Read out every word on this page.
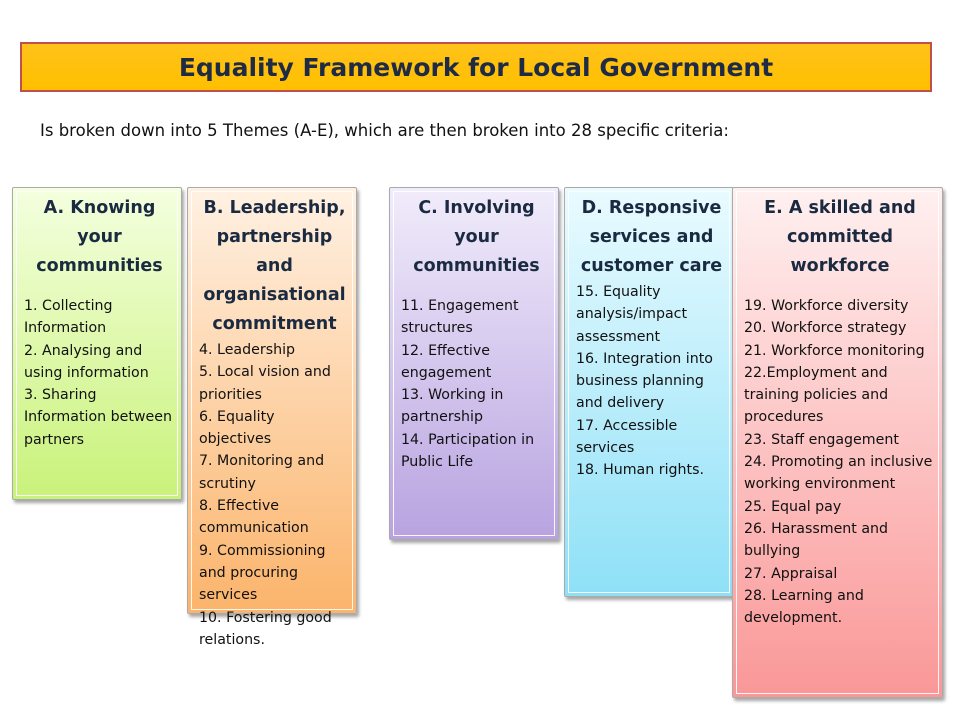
Equality Framework for Local Government
Is broken down into 5 Themes (A-E), which are then broken into 28 specific criteria:
A. Knowing your communities
1. Collecting Information
2. Analysing and using information
3. Sharing Information between partners
B. Leadership, partnership and organisational commitment
4. Leadership
5. Local vision and priorities
6. Equality objectives
7. Monitoring and scrutiny
8. Effective communication
9. Commissioning and procuring services
10. Fostering good relations.
C. Involving your communities
11. Engagement structures
12. Effective engagement
13. Working in partnership
14. Participation in Public Life
D. Responsive services and customer care
15. Equality analysis/impact assessment
16. Integration into business planning and delivery
17. Accessible services
18. Human rights.
E. A skilled and committed workforce
19. Workforce diversity
20. Workforce strategy
21. Workforce monitoring
22.Employment and training policies and procedures
23. Staff engagement
24. Promoting an inclusive working environment
25. Equal pay
26. Harassment and bullying
27. Appraisal
28. Learning and development.
